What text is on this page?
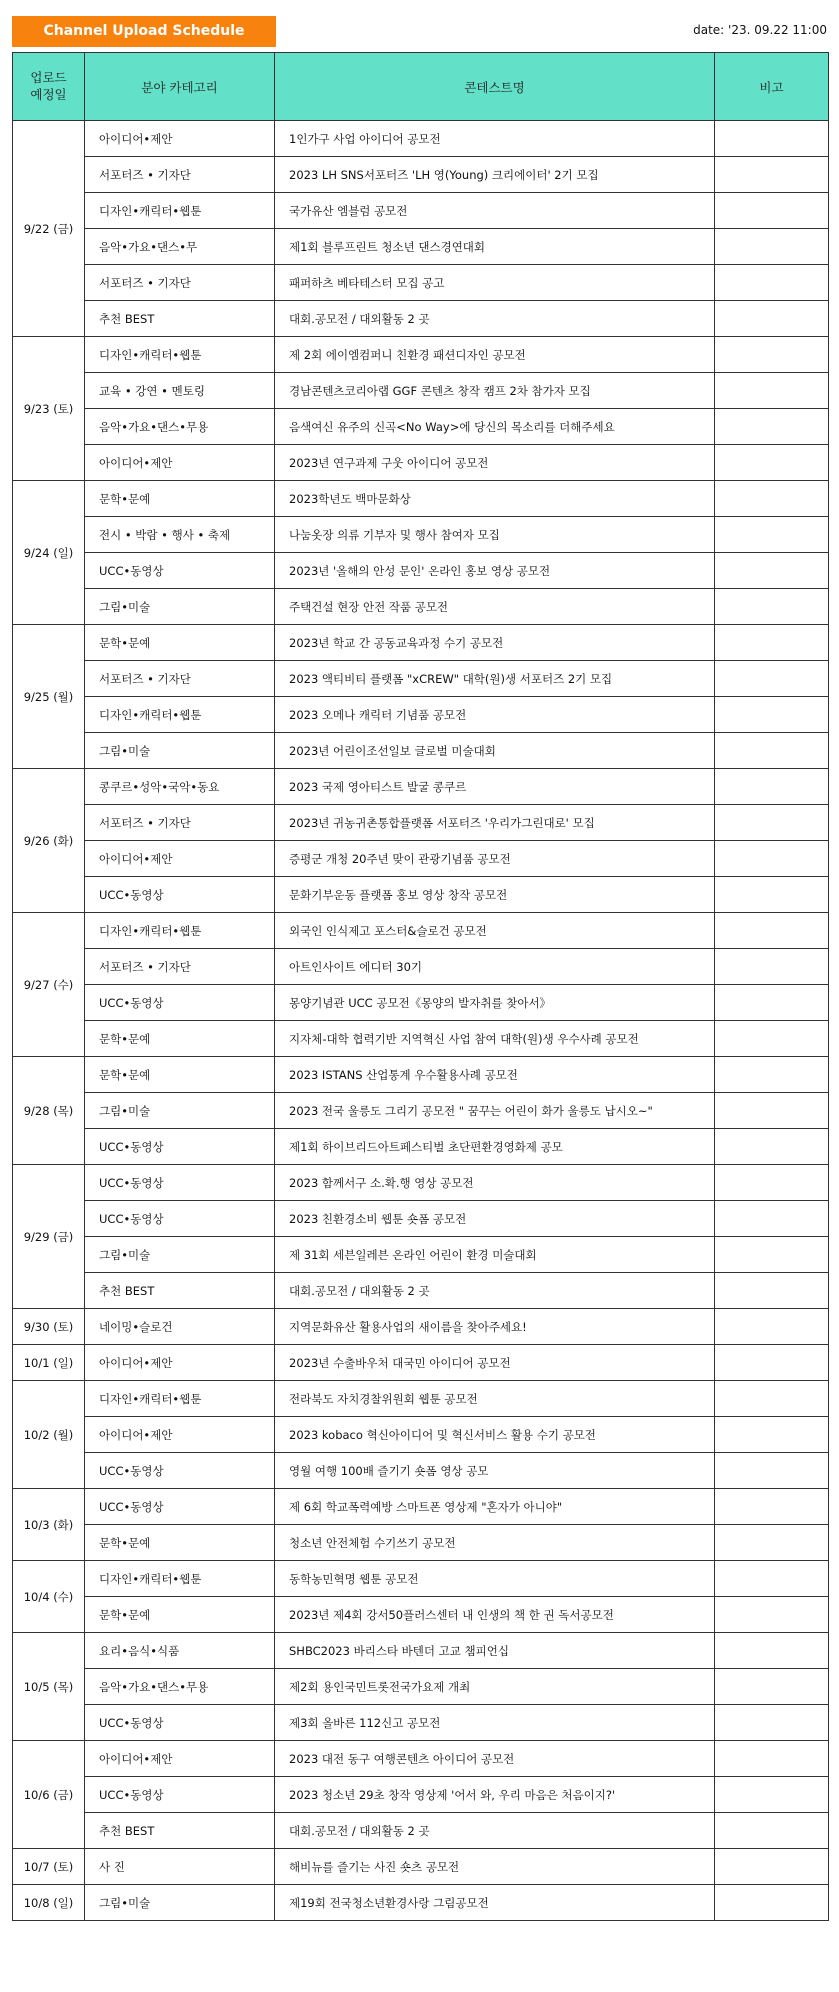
Channel Upload Schedule	date: '23. 09.22 11:00
업로드
예정일	분야 카테고리	콘테스트명	비고
9/22 (금)	아이디어•제안	1인가구 사업 아이디어 공모전	
	서포터즈 • 기자단	2023 LH SNS서포터즈 'LH 영(Young) 크리에이터' 2기 모집	
	디자인•캐릭터•웹툰	국가유산 엠블럼 공모전	
	음악•가요•댄스•무	제1회 블루프린트 청소년 댄스경연대회	
	서포터즈 • 기자단	패퍼하츠 베타테스터 모집 공고	
	추천 BEST	대회.공모전 / 대외활동 2 곳	
9/23 (토)	디자인•캐릭터•웹툰	제 2회 에이엠컴퍼니 친환경 패션디자인 공모전	
	교육 • 강연 • 멘토링	경남콘텐츠코리아랩 GGF 콘텐츠 창작 캠프 2차 참가자 모집	
	음악•가요•댄스•무용	음색여신 유주의 신곡<No Way>에 당신의 목소리를 더해주세요	
	아이디어•제안	2023년 연구과제 구웃 아이디어 공모전	
9/24 (일)	문학•문예	2023학년도 백마문화상	
	전시 • 박람 • 행사 • 축제	나눔옷장 의류 기부자 및 행사 참여자 모집	
	UCC•동영상	2023년 '올해의 안성 문인' 온라인 홍보 영상 공모전	
	그림•미술	주택건설 현장 안전 작품 공모전	
9/25 (월)	문학•문예	2023년 학교 간 공동교육과정 수기 공모전	
	서포터즈 • 기자단	2023 액티비티 플랫폼 "xCREW" 대학(원)생 서포터즈 2기 모집	
	디자인•캐릭터•웹툰	2023 오메나 캐릭터 기념품 공모전	
	그림•미술	2023년 어린이조선일보 글로벌 미술대회	
9/26 (화)	콩쿠르•성악•국악•동요	2023 국제 영아티스트 발굴 콩쿠르	
	서포터즈 • 기자단	2023년 귀농귀촌통합플랫폼 서포터즈 '우리가그린대로' 모집	
	아이디어•제안	증평군 개청 20주년 맞이 관광기념품 공모전	
	UCC•동영상	문화기부운동 플랫폼 홍보 영상 창작 공모전	
9/27 (수)	디자인•캐릭터•웹툰	외국인 인식제고 포스터&슬로건 공모전	
	서포터즈 • 기자단	아트인사이트 에디터 30기	
	UCC•동영상	몽양기념관 UCC 공모전《몽양의 발자취를 찾아서》	
	문학•문예	지자체-대학 협력기반 지역혁신 사업 참여 대학(원)생 우수사례 공모전	
9/28 (목)	문학•문예	2023 ISTANS 산업통계 우수활용사례 공모전	
	그림•미술	2023 전국 울릉도 그리기 공모전 " 꿈꾸는 어린이 화가 울릉도 납시오~"	
	UCC•동영상	제1회 하이브리드아트페스티벌 초단편환경영화제 공모	
9/29 (금)	UCC•동영상	2023 함께서구 소.확.행 영상 공모전	
	UCC•동영상	2023 친환경소비 웹툰 숏폼 공모전	
	그림•미술	제 31회 세븐일레븐 온라인 어린이 환경 미술대회	
	추천 BEST	대회.공모전 / 대외활동 2 곳	
9/30 (토)	네이밍•슬로건	지역문화유산 활용사업의 새이름을 찾아주세요!	
10/1 (일)	아이디어•제안	2023년 수출바우처 대국민 아이디어 공모전	
10/2 (월)	디자인•캐릭터•웹툰	전라북도 자치경찰위원회 웹툰 공모전	
	아이디어•제안	2023 kobaco 혁신아이디어 및 혁신서비스 활용 수기 공모전	
	UCC•동영상	영월 여행 100배 즐기기 숏폼 영상 공모	
10/3 (화)	UCC•동영상	제 6회 학교폭력예방 스마트폰 영상제 "혼자가 아니야"	
	문학•문예	청소년 안전체험 수기쓰기 공모전	
10/4 (수)	디자인•캐릭터•웹툰	동학농민혁명 웹툰 공모전	
	문학•문예	2023년 제4회 강서50플러스센터 내 인생의 책 한 권 독서공모전	
10/5 (목)	요리•음식•식품	SHBC2023 바리스타 바텐더 고교 챔피언십	
	음악•가요•댄스•무용	제2회 용인국민트롯전국가요제 개최	
	UCC•동영상	제3회 올바른 112신고 공모전	
10/6 (금)	아이디어•제안	2023 대전 동구 여행콘텐츠 아이디어 공모전	
	UCC•동영상	2023 청소년 29초 창작 영상제 '어서 와, 우리 마음은 처음이지?'	
	추천 BEST	대회.공모전 / 대외활동 2 곳	
10/7 (토)	사 진	해비뉴를 즐기는 사진 숏츠 공모전	
10/8 (일)	그림•미술	제19회 전국청소년환경사랑 그림공모전	
